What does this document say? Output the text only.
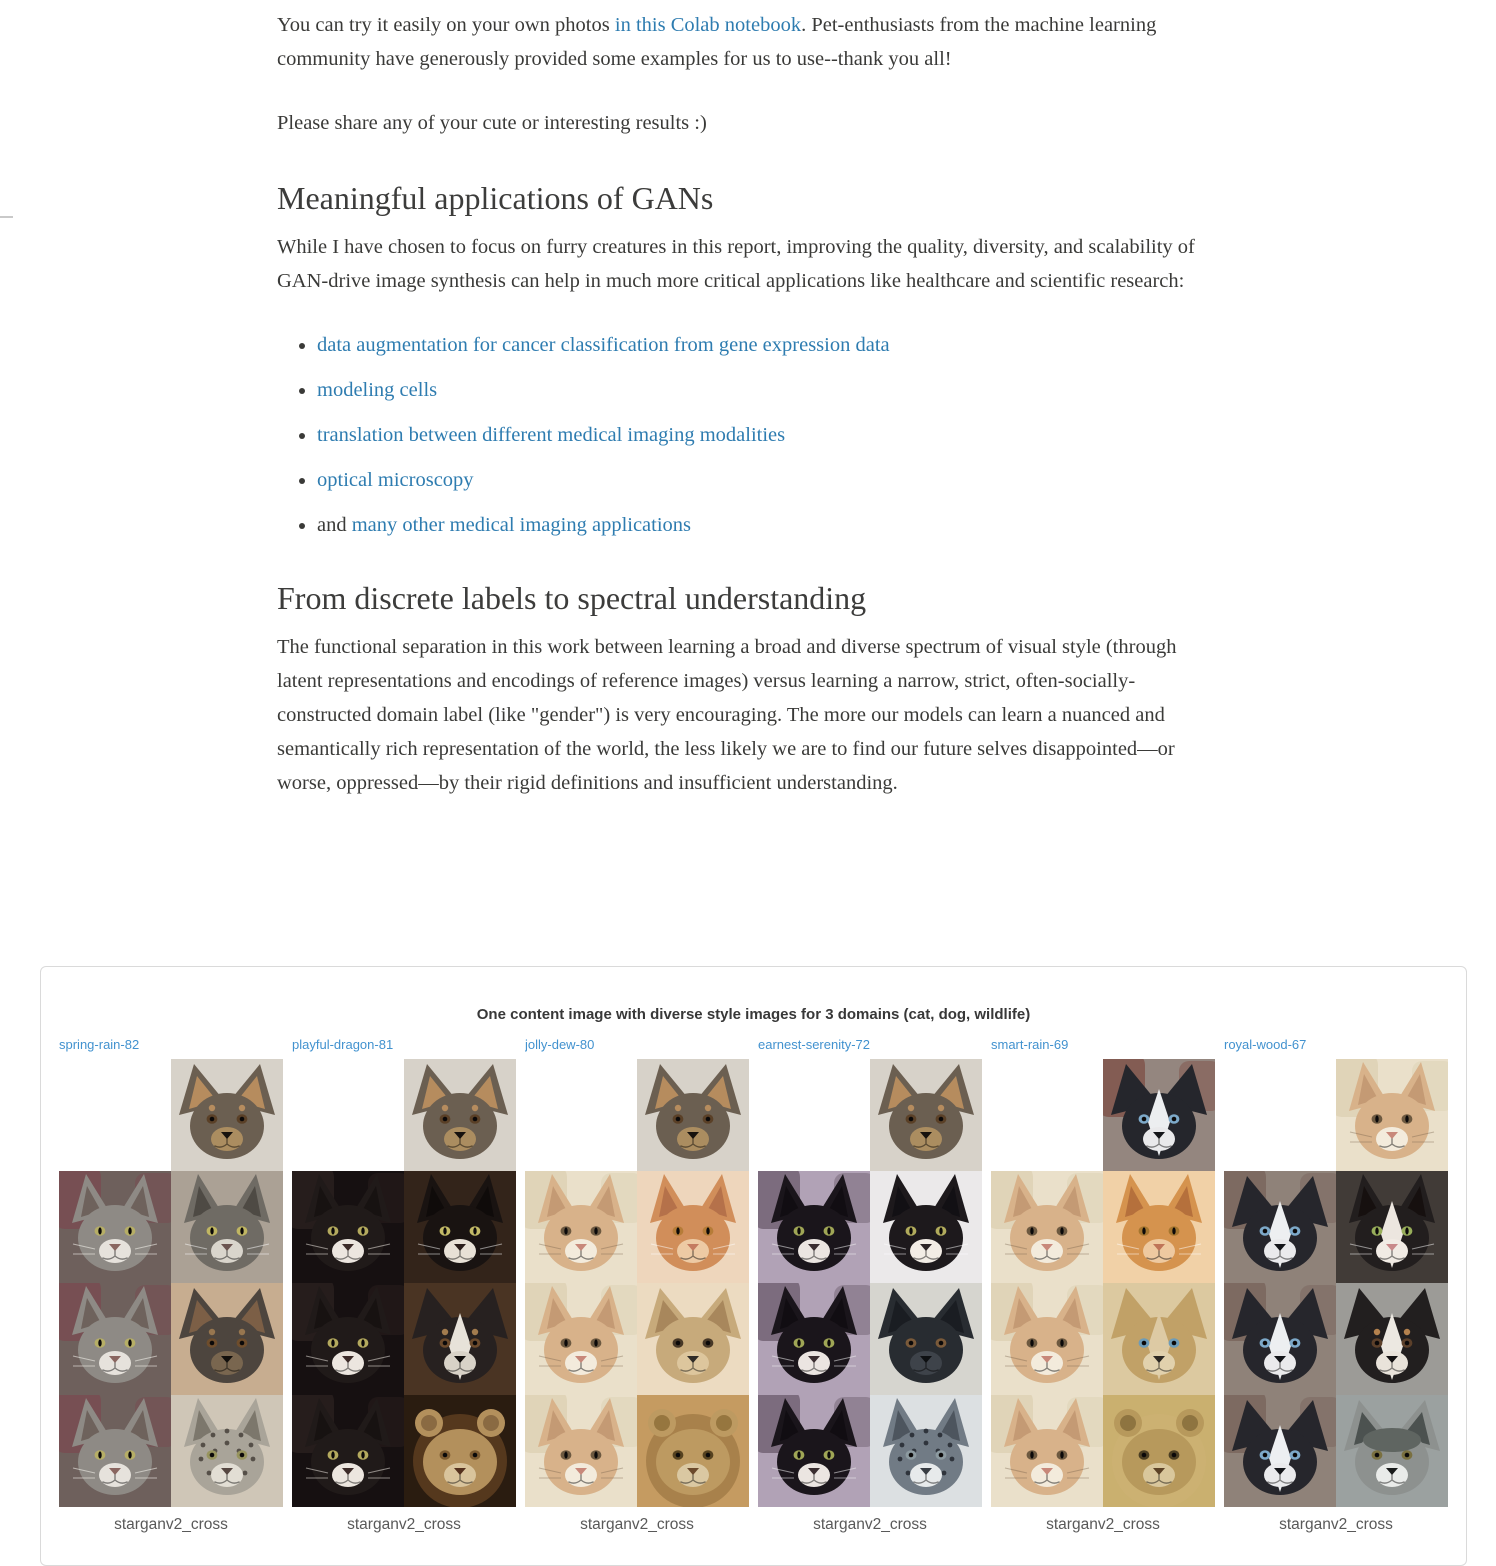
You can try it easily on your own photos in this Colab notebook. Pet-enthusiasts from the machine learning community have generously provided some examples for us to use--thank you all!

Please share any of your cute or interesting results :)

Meaningful applications of GANs

While I have chosen to focus on furry creatures in this report, improving the quality, diversity, and scalability of GAN-drive image synthesis can help in much more critical applications like healthcare and scientific research:

• data augmentation for cancer classification from gene expression data
• modeling cells
• translation between different medical imaging modalities
• optical microscopy
• and many other medical imaging applications
From discrete labels to spectral understanding

The functional separation in this work between learning a broad and diverse spectrum of visual style (through latent representations and encodings of reference images) versus learning a narrow, strict, often-socially-constructed domain label (like "gender") is very encouraging. The more our models can learn a nuanced and semantically rich representation of the world, the less likely we are to find our future selves disappointed—or worse, oppressed—by their rigid definitions and insufficient understanding.

One content image with diverse style images for 3 domains (cat, dog, wildlife)
spring-rain-82
starganv2_cross
playful-dragon-81
starganv2_cross
jolly-dew-80
starganv2_cross
earnest-serenity-72
starganv2_cross
smart-rain-69
starganv2_cross
royal-wood-67
starganv2_cross
